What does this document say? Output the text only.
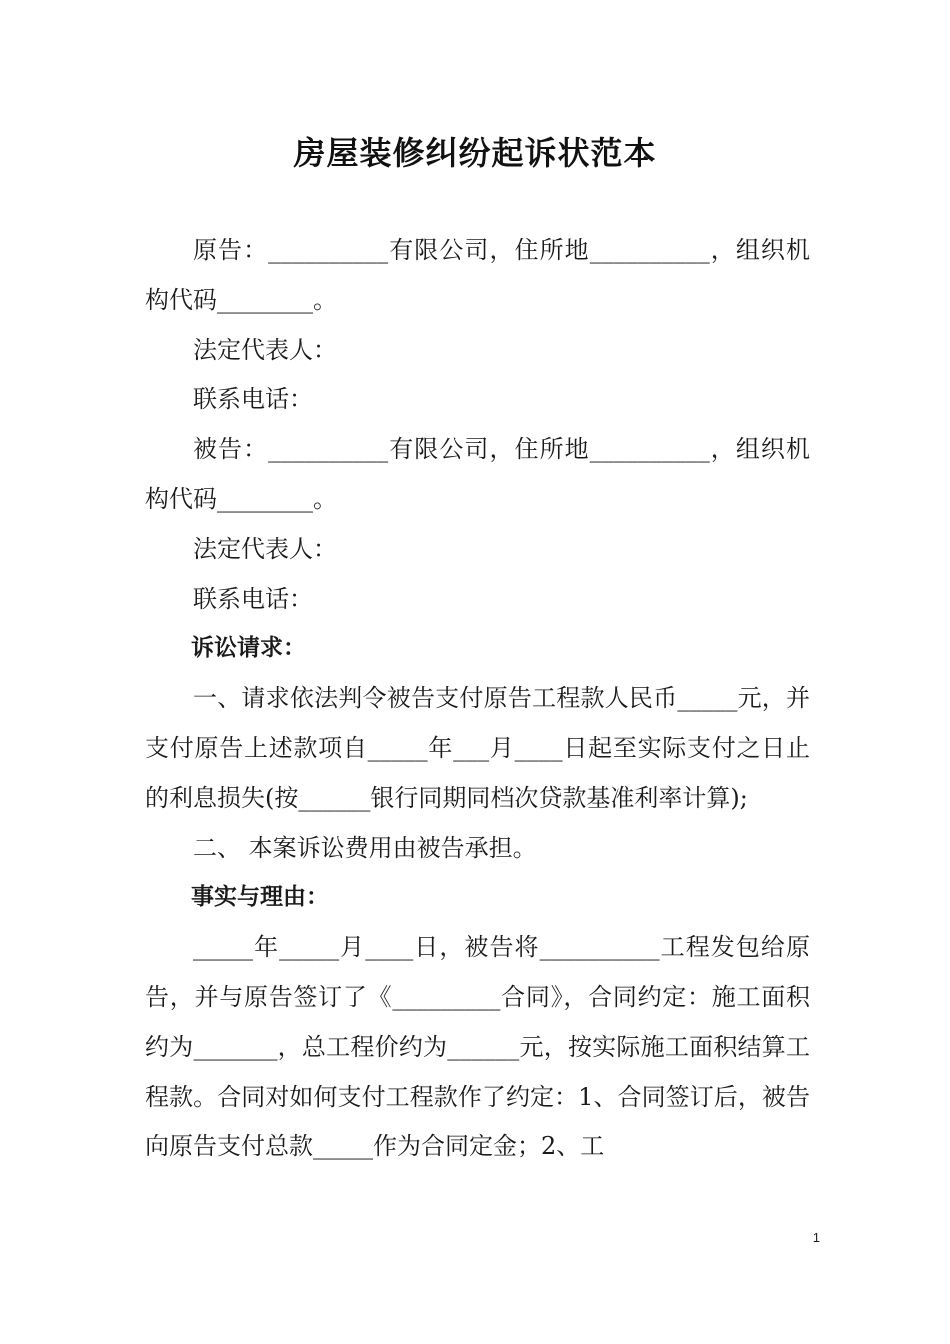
房屋装修纠纷起诉状范本

原告：__________有限公司，住所地__________，组织机构代码________。

法定代表人：

联系电话：

被告：__________有限公司，住所地__________，组织机构代码________。

法定代表人：

联系电话：

诉讼请求：

一、请求依法判令被告支付原告工程款人民币_____元，并支付原告上述款项自_____年___月____日起至实际支付之日止的利息损失(按______银行同期同档次贷款基准利率计算);

二、 本案诉讼费用由被告承担。

事实与理由：

_____年_____月____日，被告将__________工程发包给原告，并与原告签订了《_________合同》，合同约定：施工面积约为_______，总工程价约为______元，按实际施工面积结算工程款。合同对如何支付工程款作了约定：1、合同签订后，被告向原告支付总款_____作为合同定金；2、工

1
